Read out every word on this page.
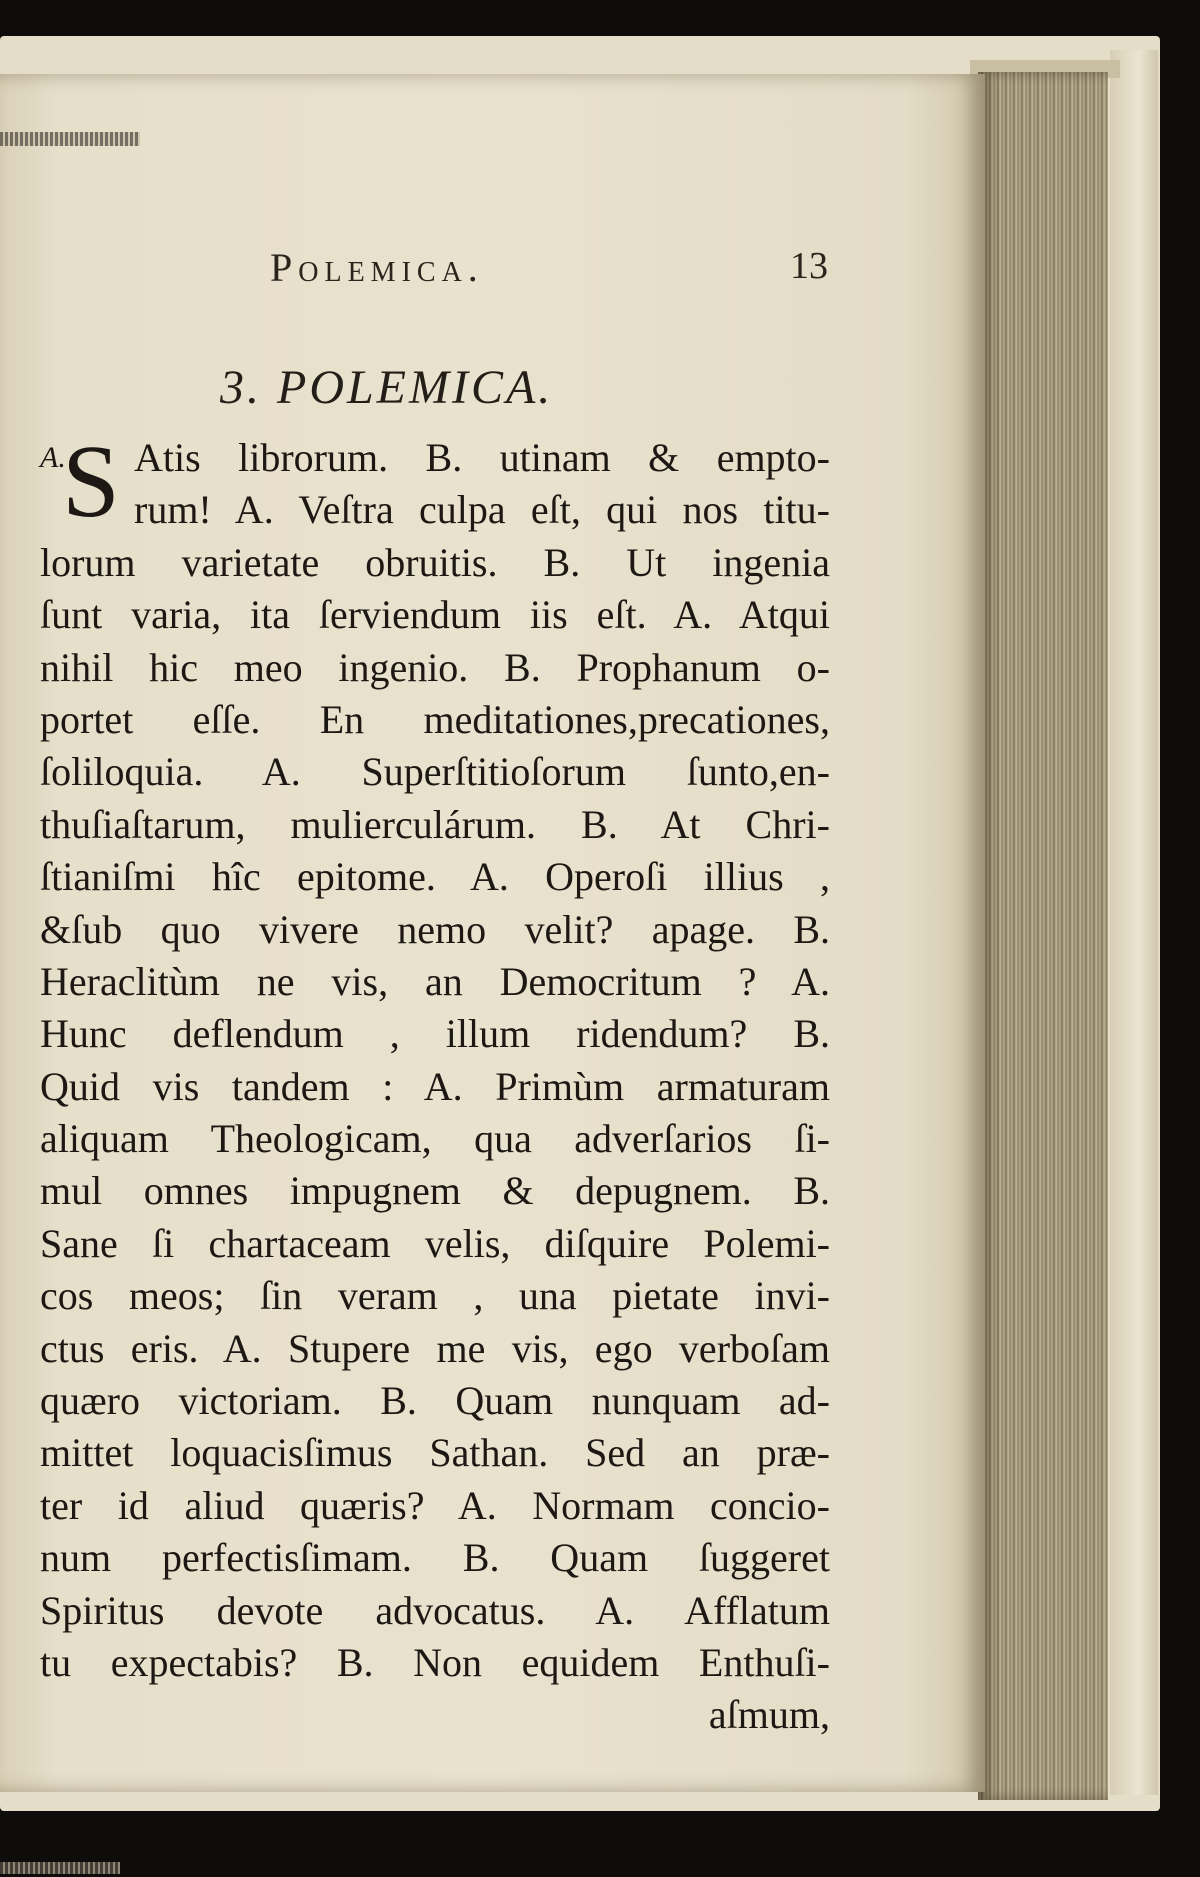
Polemica.	13
3. POLEMICA.
A.
S Atis librorum. B. utinam & empto-
rum! A. Veſtra culpa eſt, qui nos titu-
lorum varietate obruitis. B. Ut ingenia
ſunt varia, ita ſerviendum iis eſt. A. Atqui
nihil hic meo ingenio. B. Prophanum o-
portet eſſe. En meditationes,precationes,
ſoliloquia. A. Superſtitioſorum ſunto,en-
thuſiaſtarum, mulierculárum. B. At Chri-
ſtianiſmi hîc epitome. A. Operoſi illius ,
&ſub quo vivere nemo velit? apage. B.
Heraclitùm ne vis, an Democritum ? A.
Hunc deflendum , illum ridendum? B.
Quid vis tandem : A. Primùm armaturam
aliquam Theologicam, qua adverſarios ſi-
mul omnes impugnem & depugnem. B.
Sane ſi chartaceam velis, diſquire Polemi-
cos meos; ſin veram , una pietate invi-
ctus eris. A. Stupere me vis, ego verboſam
quæro victoriam. B. Quam nunquam ad-
mittet loquacisſimus Sathan. Sed an præ-
ter id aliud quæris? A. Normam concio-
num perfectisſimam. B. Quam ſuggeret
Spiritus devote advocatus. A. Afflatum
tu expectabis? B. Non equidem Enthuſi-
aſmum,
